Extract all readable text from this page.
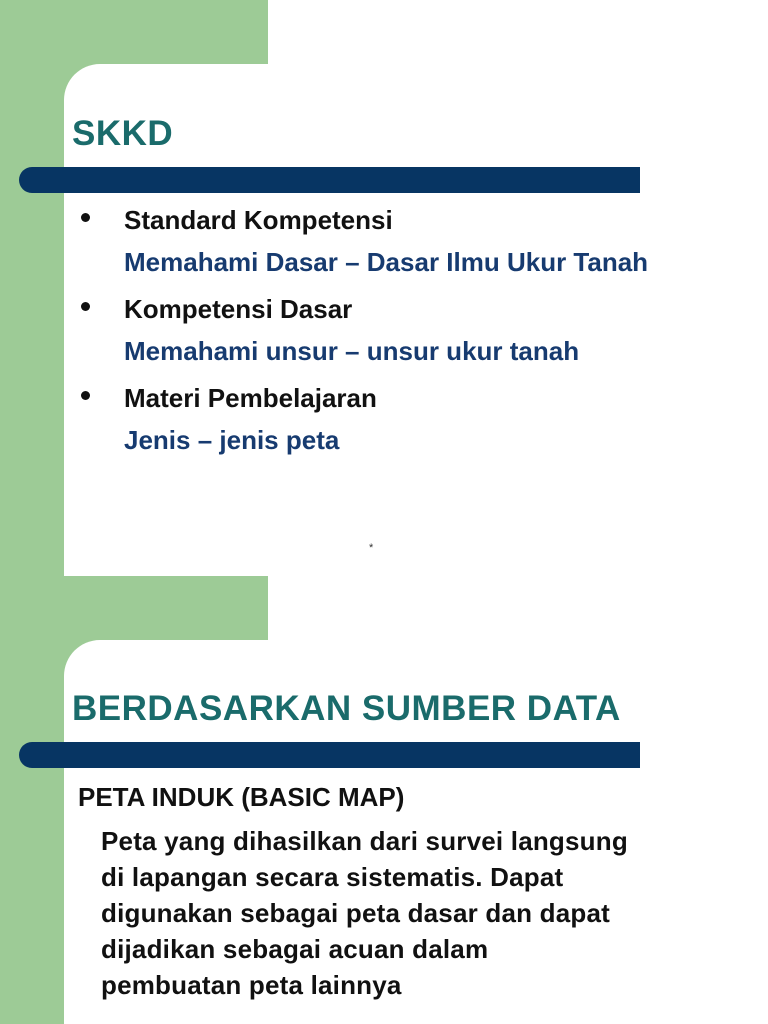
SKKD
Standard Kompetensi
Memahami Dasar – Dasar Ilmu Ukur Tanah
Kompetensi Dasar
Memahami unsur – unsur ukur tanah
Materi Pembelajaran
Jenis – jenis peta
*
BERDASARKAN SUMBER DATA
PETA INDUK (BASIC MAP)

Peta yang dihasilkan dari survei langsung
di lapangan secara sistematis. Dapat
digunakan sebagai peta dasar dan dapat
dijadikan sebagai acuan dalam
pembuatan peta lainnya
